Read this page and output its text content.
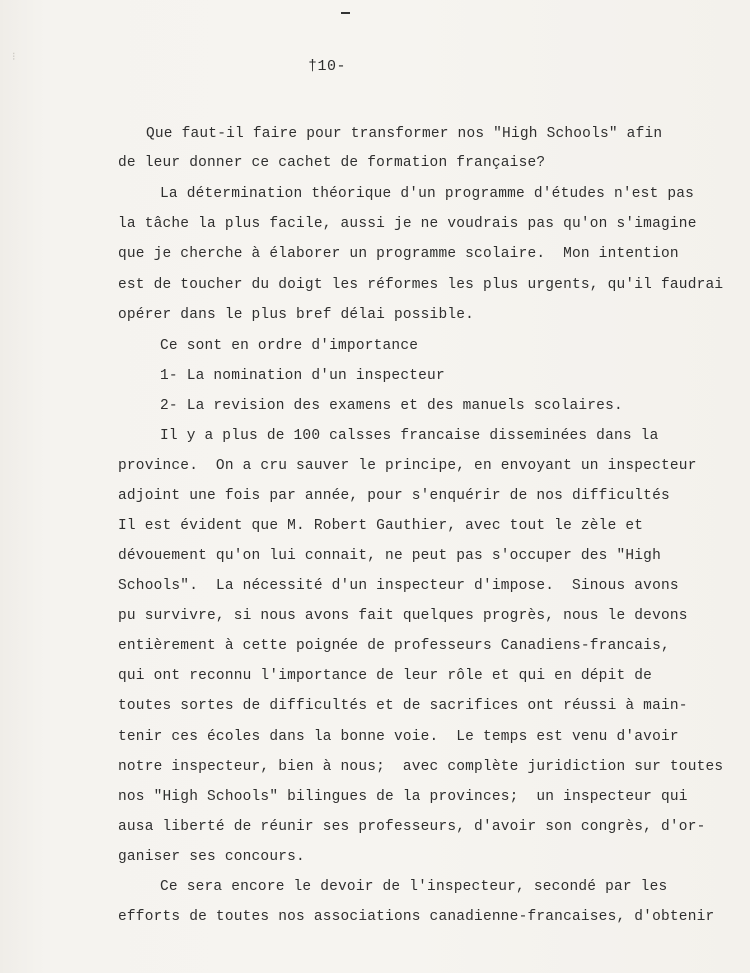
⁝
†10-
Que faut-il faire pour transformer nos "High Schools" afin
de leur donner ce cachet de formation française?
La détermination théorique d'un programme d'études n'est pas
la tâche la plus facile, aussi je ne voudrais pas qu'on s'imagine
que je cherche à élaborer un programme scolaire.  Mon intention
est de toucher du doigt les réformes les plus urgents, qu'il faudrai
opérer dans le plus bref délai possible.
Ce sont en ordre d'importance
1- La nomination d'un inspecteur
2- La revision des examens et des manuels scolaires.
Il y a plus de 100 calsses francaise disseminées dans la
province.  On a cru sauver le principe, en envoyant un inspecteur
adjoint une fois par année, pour s'enquérir de nos difficultés
Il est évident que M. Robert Gauthier, avec tout le zèle et
dévouement qu'on lui connait, ne peut pas s'occuper des "High
Schools".  La nécessité d'un inspecteur d'impose.  Sinous avons
pu survivre, si nous avons fait quelques progrès, nous le devons
entièrement à cette poignée de professeurs Canadiens-francais,
qui ont reconnu l'importance de leur rôle et qui en dépit de
toutes sortes de difficultés et de sacrifices ont réussi à main-
tenir ces écoles dans la bonne voie.  Le temps est venu d'avoir
notre inspecteur, bien à nous;  avec complète juridiction sur toutes
nos "High Schools" bilingues de la provinces;  un inspecteur qui
ausa liberté de réunir ses professeurs, d'avoir son congrès, d'or-
ganiser ses concours.
Ce sera encore le devoir de l'inspecteur, secondé par les
efforts de toutes nos associations canadienne-francaises, d'obtenir
